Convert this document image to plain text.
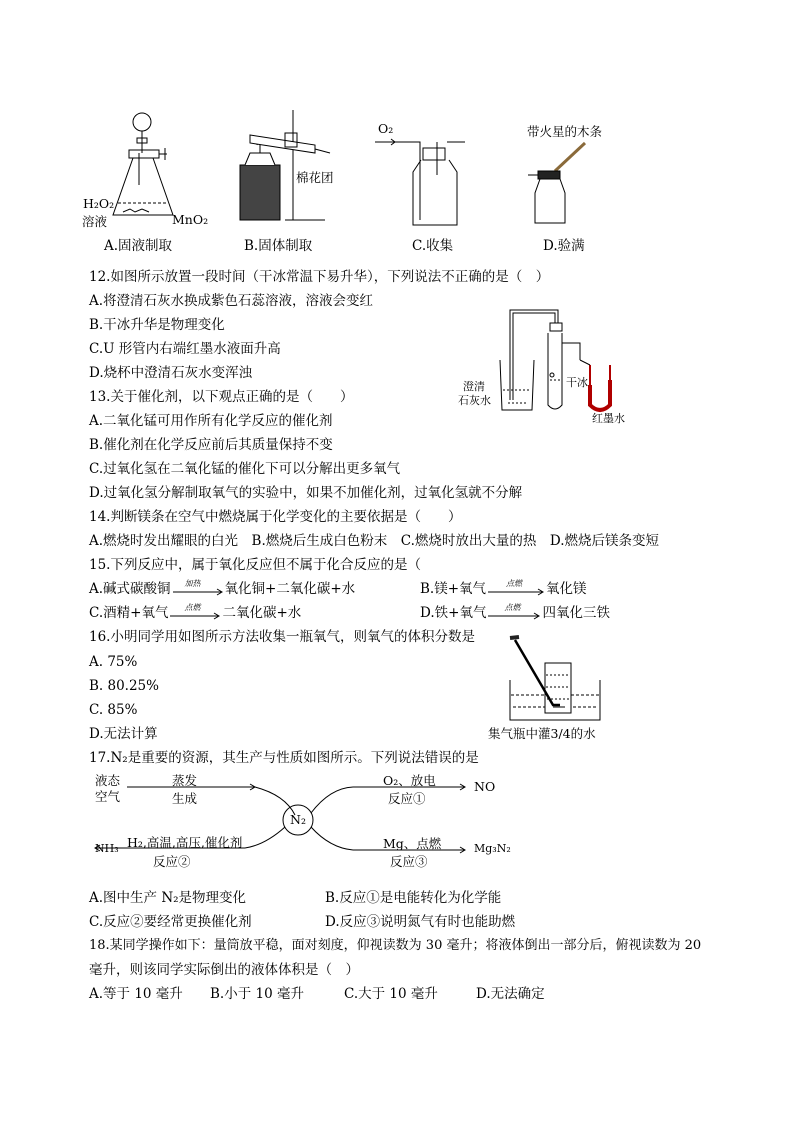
H₂O₂
溶液	MnO₂
A.固液制取
棉花团
B.固体制取
O₂
C.收集
带火星的木条
D.验满
12.如图所示放置一段时间（干冰常温下易升华），下列说法不正确的是（　）
A.将澄清石灰水换成紫色石蕊溶液，溶液会变红
B.干冰升华是物理变化
C.U 形管内右端红墨水液面升高
D.烧杯中澄清石灰水变浑浊
澄清
石灰水
干冰
红墨水
13.关于催化剂，以下观点正确的是（　　）
A.二氧化锰可用作所有化学反应的催化剂
B.催化剂在化学反应前后其质量保持不变
C.过氧化氢在二氧化锰的催化下可以分解出更多氧气
D.过氧化氢分解制取氧气的实验中，如果不加催化剂，过氧化氢就不分解
14.判断镁条在空气中燃烧属于化学变化的主要依据是（　　）
A.燃烧时发出耀眼的白光　B.燃烧后生成白色粉末　C.燃烧时放出大量的热　D.燃烧后镁条变短
15.下列反应中，属于氧化反应但不属于化合反应的是（
A.碱式碳酸铜 加热 氧化铜+二氧化碳+水	B.镁+氧气	点燃 氧化镁
C.酒精+氧气 点燃 二氧化碳+水	D.铁+氧气 点燃 四氧化三铁
16.小明同学用如图所示方法收集一瓶氧气，则氧气的体积分数是
A. 75%
B. 80.25%
C. 85%
D.无法计算	集气瓶中灌3/4的水
17.N₂是重要的资源，其生产与性质如图所示。下列说法错误的是
液态
空气
蒸发
生成
N₂
O₂、放电
反应①
NO
H₂,高温,高压,催化剂
反应②
NH₃	Mg、点燃
反应③
Mg₃N₂
A.图中生产 N₂是物理变化	B.反应①是电能转化为化学能
C.反应②要经常更换催化剂	D.反应③说明氮气有时也能助燃
18.某同学操作如下：量筒放平稳，面对刻度，仰视读数为 30 毫升；将液体倒出一部分后，俯视读数为 20
毫升，则该同学实际倒出的液体体积是（　）
A.等于 10 毫升 B.小于 10 毫升	C.大于 10 毫升	D.无法确定
